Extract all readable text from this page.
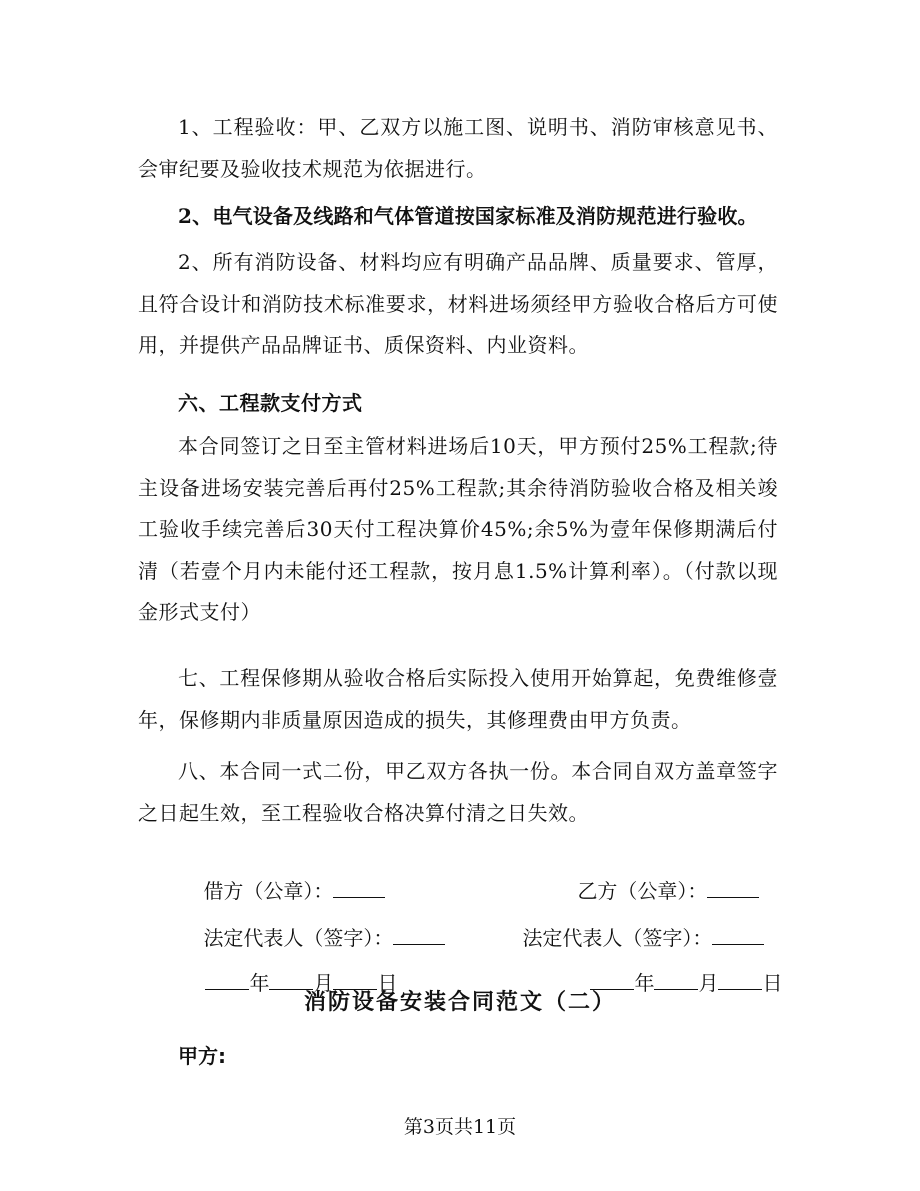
1、工程验收：甲、乙双方以施工图、说明书、消防审核意见书、会审纪要及验收技术规范为依据进行。

2、电气设备及线路和气体管道按国家标准及消防规范进行验收。

2、所有消防设备、材料均应有明确产品品牌、质量要求、管厚，且符合设计和消防技术标准要求，材料进场须经甲方验收合格后方可使用，并提供产品品牌证书、质保资料、内业资料。

六、工程款支付方式

本合同签订之日至主管材料进场后10天，甲方预付25%工程款;待主设备进场安装完善后再付25%工程款;其余待消防验收合格及相关竣工验收手续完善后30天付工程决算价45%;余5%为壹年保修期满后付清（若壹个月内未能付还工程款，按月息1.5%计算利率）。（付款以现金形式支付）

七、工程保修期从验收合格后实际投入使用开始算起，免费维修壹年，保修期内非质量原因造成的损失，其修理费由甲方负责。

八、本合同一式二份，甲乙双方各执一份。本合同自双方盖章签字之日起生效，至工程验收合格决算付清之日失效。

借方（公章）：
	乙方（公章）：

法定代表人（签字）：
	法定代表人（签字）：

年 月 日
	年 月 日

消防设备安装合同范文（二）
甲方:
第3页共11页
